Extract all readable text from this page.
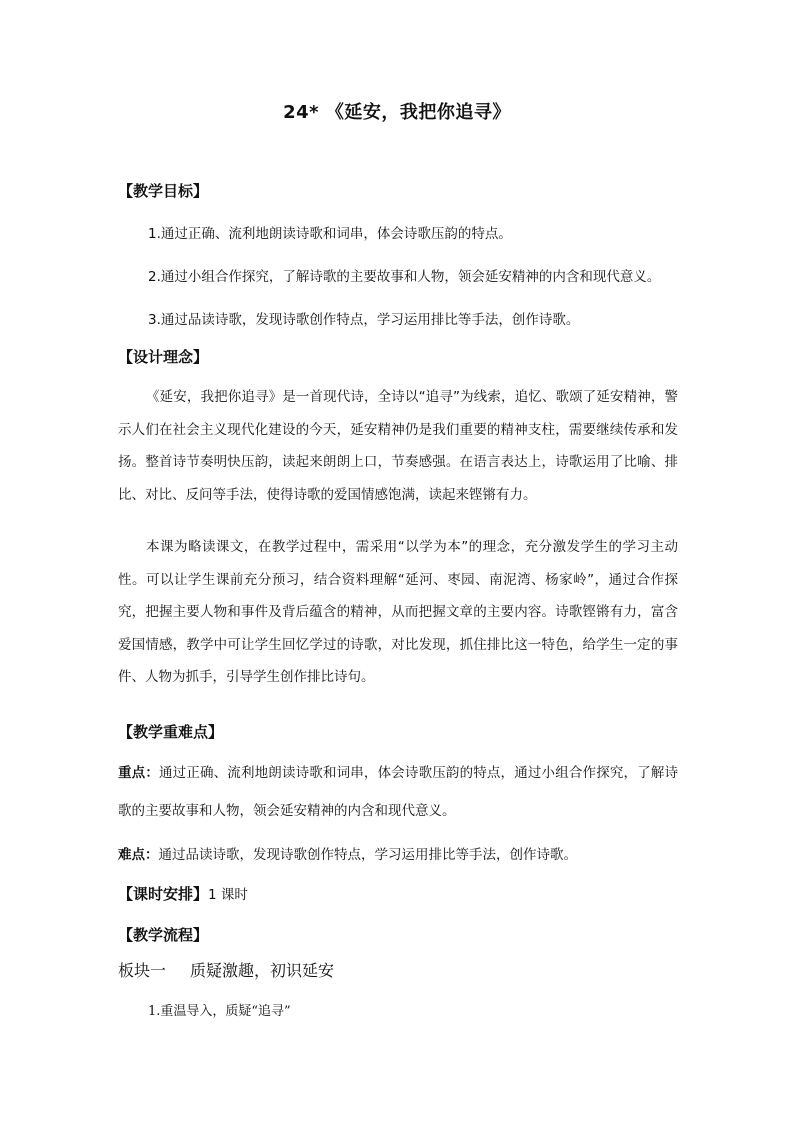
24* 《延安，我把你追寻》
【教学目标】
1.通过正确、流利地朗读诗歌和词串，体会诗歌压韵的特点。
2.通过小组合作探究，了解诗歌的主要故事和人物，领会延安精神的内含和现代意义。
3.通过品读诗歌，发现诗歌创作特点，学习运用排比等手法，创作诗歌。
【设计理念】
《延安，我把你追寻》是一首现代诗，全诗以“追寻”为线索，追忆、歌颂了延安精神，警示人们在社会主义现代化建设的今天，延安精神仍是我们重要的精神支柱，需要继续传承和发扬。整首诗节奏明快压韵，读起来朗朗上口，节奏感强。在语言表达上，诗歌运用了比喻、排比、对比、反问等手法，使得诗歌的爱国情感饱满，读起来铿锵有力。
本课为略读课文，在教学过程中，需采用“以学为本”的理念，充分激发学生的学习主动性。可以让学生课前充分预习，结合资料理解“延河、枣园、南泥湾、杨家岭”，通过合作探究，把握主要人物和事件及背后蕴含的精神，从而把握文章的主要内容。诗歌铿锵有力，富含爱国情感，教学中可让学生回忆学过的诗歌，对比发现，抓住排比这一特色，给学生一定的事件、人物为抓手，引导学生创作排比诗句。
【教学重难点】
重点：通过正确、流利地朗读诗歌和词串，体会诗歌压韵的特点，通过小组合作探究，了解诗歌的主要故事和人物，领会延安精神的内含和现代意义。
难点：通过品读诗歌，发现诗歌创作特点，学习运用排比等手法，创作诗歌。
【课时安排】1 课时
【教学流程】
板块一 质疑激趣，初识延安
1.重温导入，质疑“追寻”
